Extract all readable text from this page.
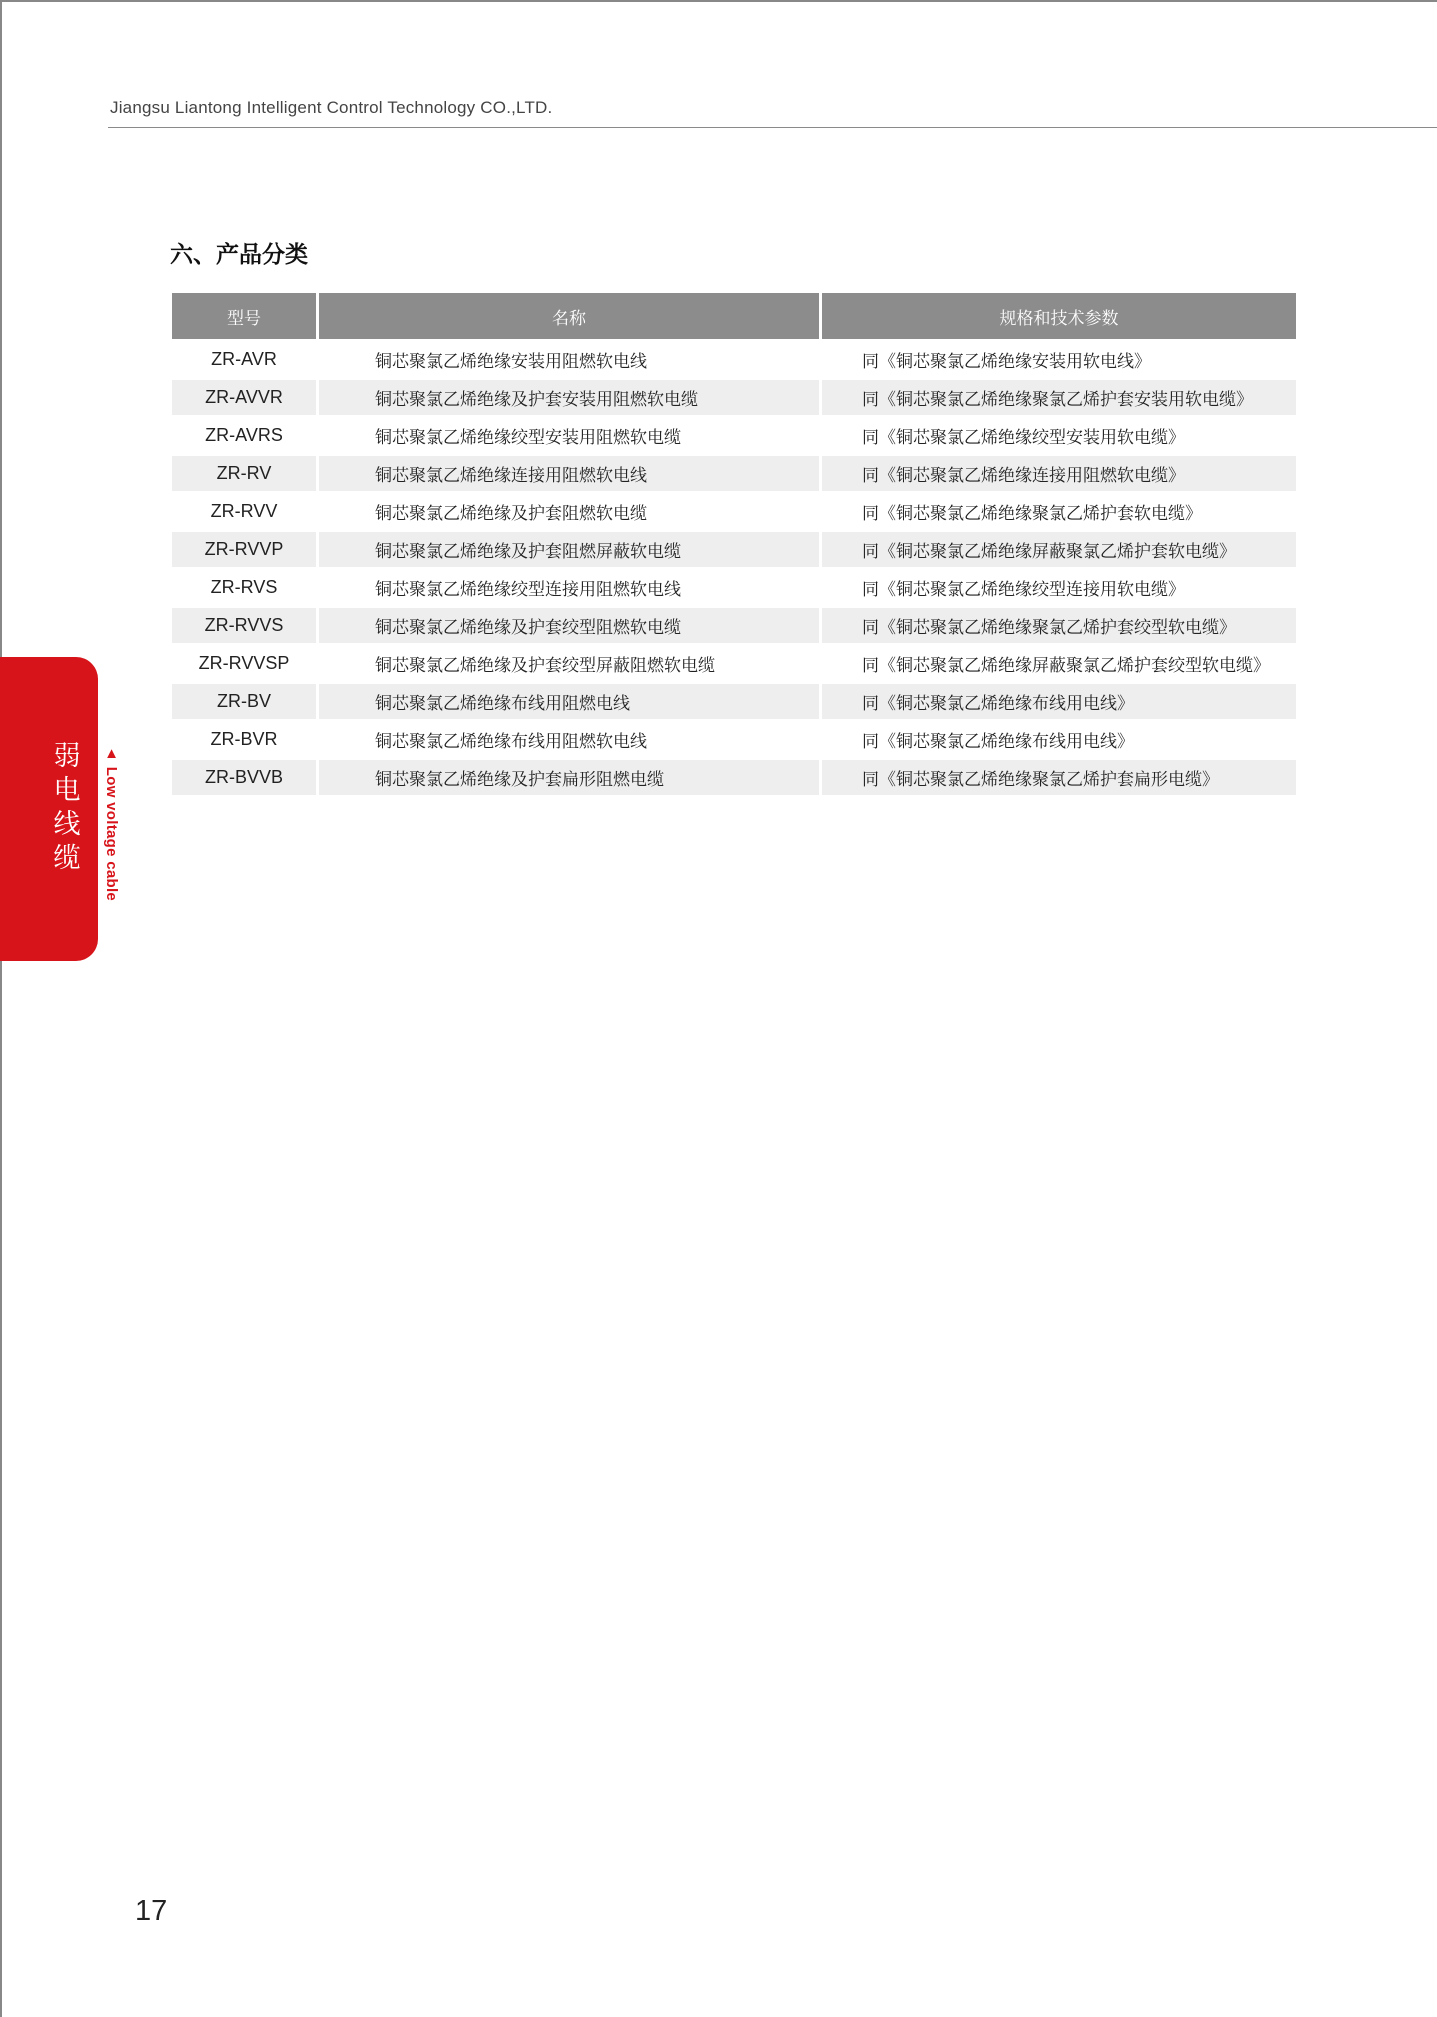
Jiangsu Liantong Intelligent Control Technology CO.,LTD.
六、产品分类
型号	名称	规格和技术参数
ZR-AVR	铜芯聚氯乙烯绝缘安装用阻燃软电线	同《铜芯聚氯乙烯绝缘安装用软电线》
ZR-AVVR	铜芯聚氯乙烯绝缘及护套安装用阻燃软电缆	同《铜芯聚氯乙烯绝缘聚氯乙烯护套安装用软电缆》
ZR-AVRS	铜芯聚氯乙烯绝缘绞型安装用阻燃软电缆	同《铜芯聚氯乙烯绝缘绞型安装用软电缆》
ZR-RV	铜芯聚氯乙烯绝缘连接用阻燃软电线	同《铜芯聚氯乙烯绝缘连接用阻燃软电缆》
ZR-RVV	铜芯聚氯乙烯绝缘及护套阻燃软电缆	同《铜芯聚氯乙烯绝缘聚氯乙烯护套软电缆》
ZR-RVVP	铜芯聚氯乙烯绝缘及护套阻燃屏蔽软电缆	同《铜芯聚氯乙烯绝缘屏蔽聚氯乙烯护套软电缆》
ZR-RVS	铜芯聚氯乙烯绝缘绞型连接用阻燃软电线	同《铜芯聚氯乙烯绝缘绞型连接用软电缆》
ZR-RVVS	铜芯聚氯乙烯绝缘及护套绞型阻燃软电缆	同《铜芯聚氯乙烯绝缘聚氯乙烯护套绞型软电缆》
ZR-RVVSP	铜芯聚氯乙烯绝缘及护套绞型屏蔽阻燃软电缆	同《铜芯聚氯乙烯绝缘屏蔽聚氯乙烯护套绞型软电缆》
ZR-BV	铜芯聚氯乙烯绝缘布线用阻燃电线	同《铜芯聚氯乙烯绝缘布线用电线》
ZR-BVR	铜芯聚氯乙烯绝缘布线用阻燃软电线	同《铜芯聚氯乙烯绝缘布线用电线》
ZR-BVVB	铜芯聚氯乙烯绝缘及护套扁形阻燃电缆	同《铜芯聚氯乙烯绝缘聚氯乙烯护套扁形电缆》
弱
电
线
缆 ▲ Low voltage cable
17
